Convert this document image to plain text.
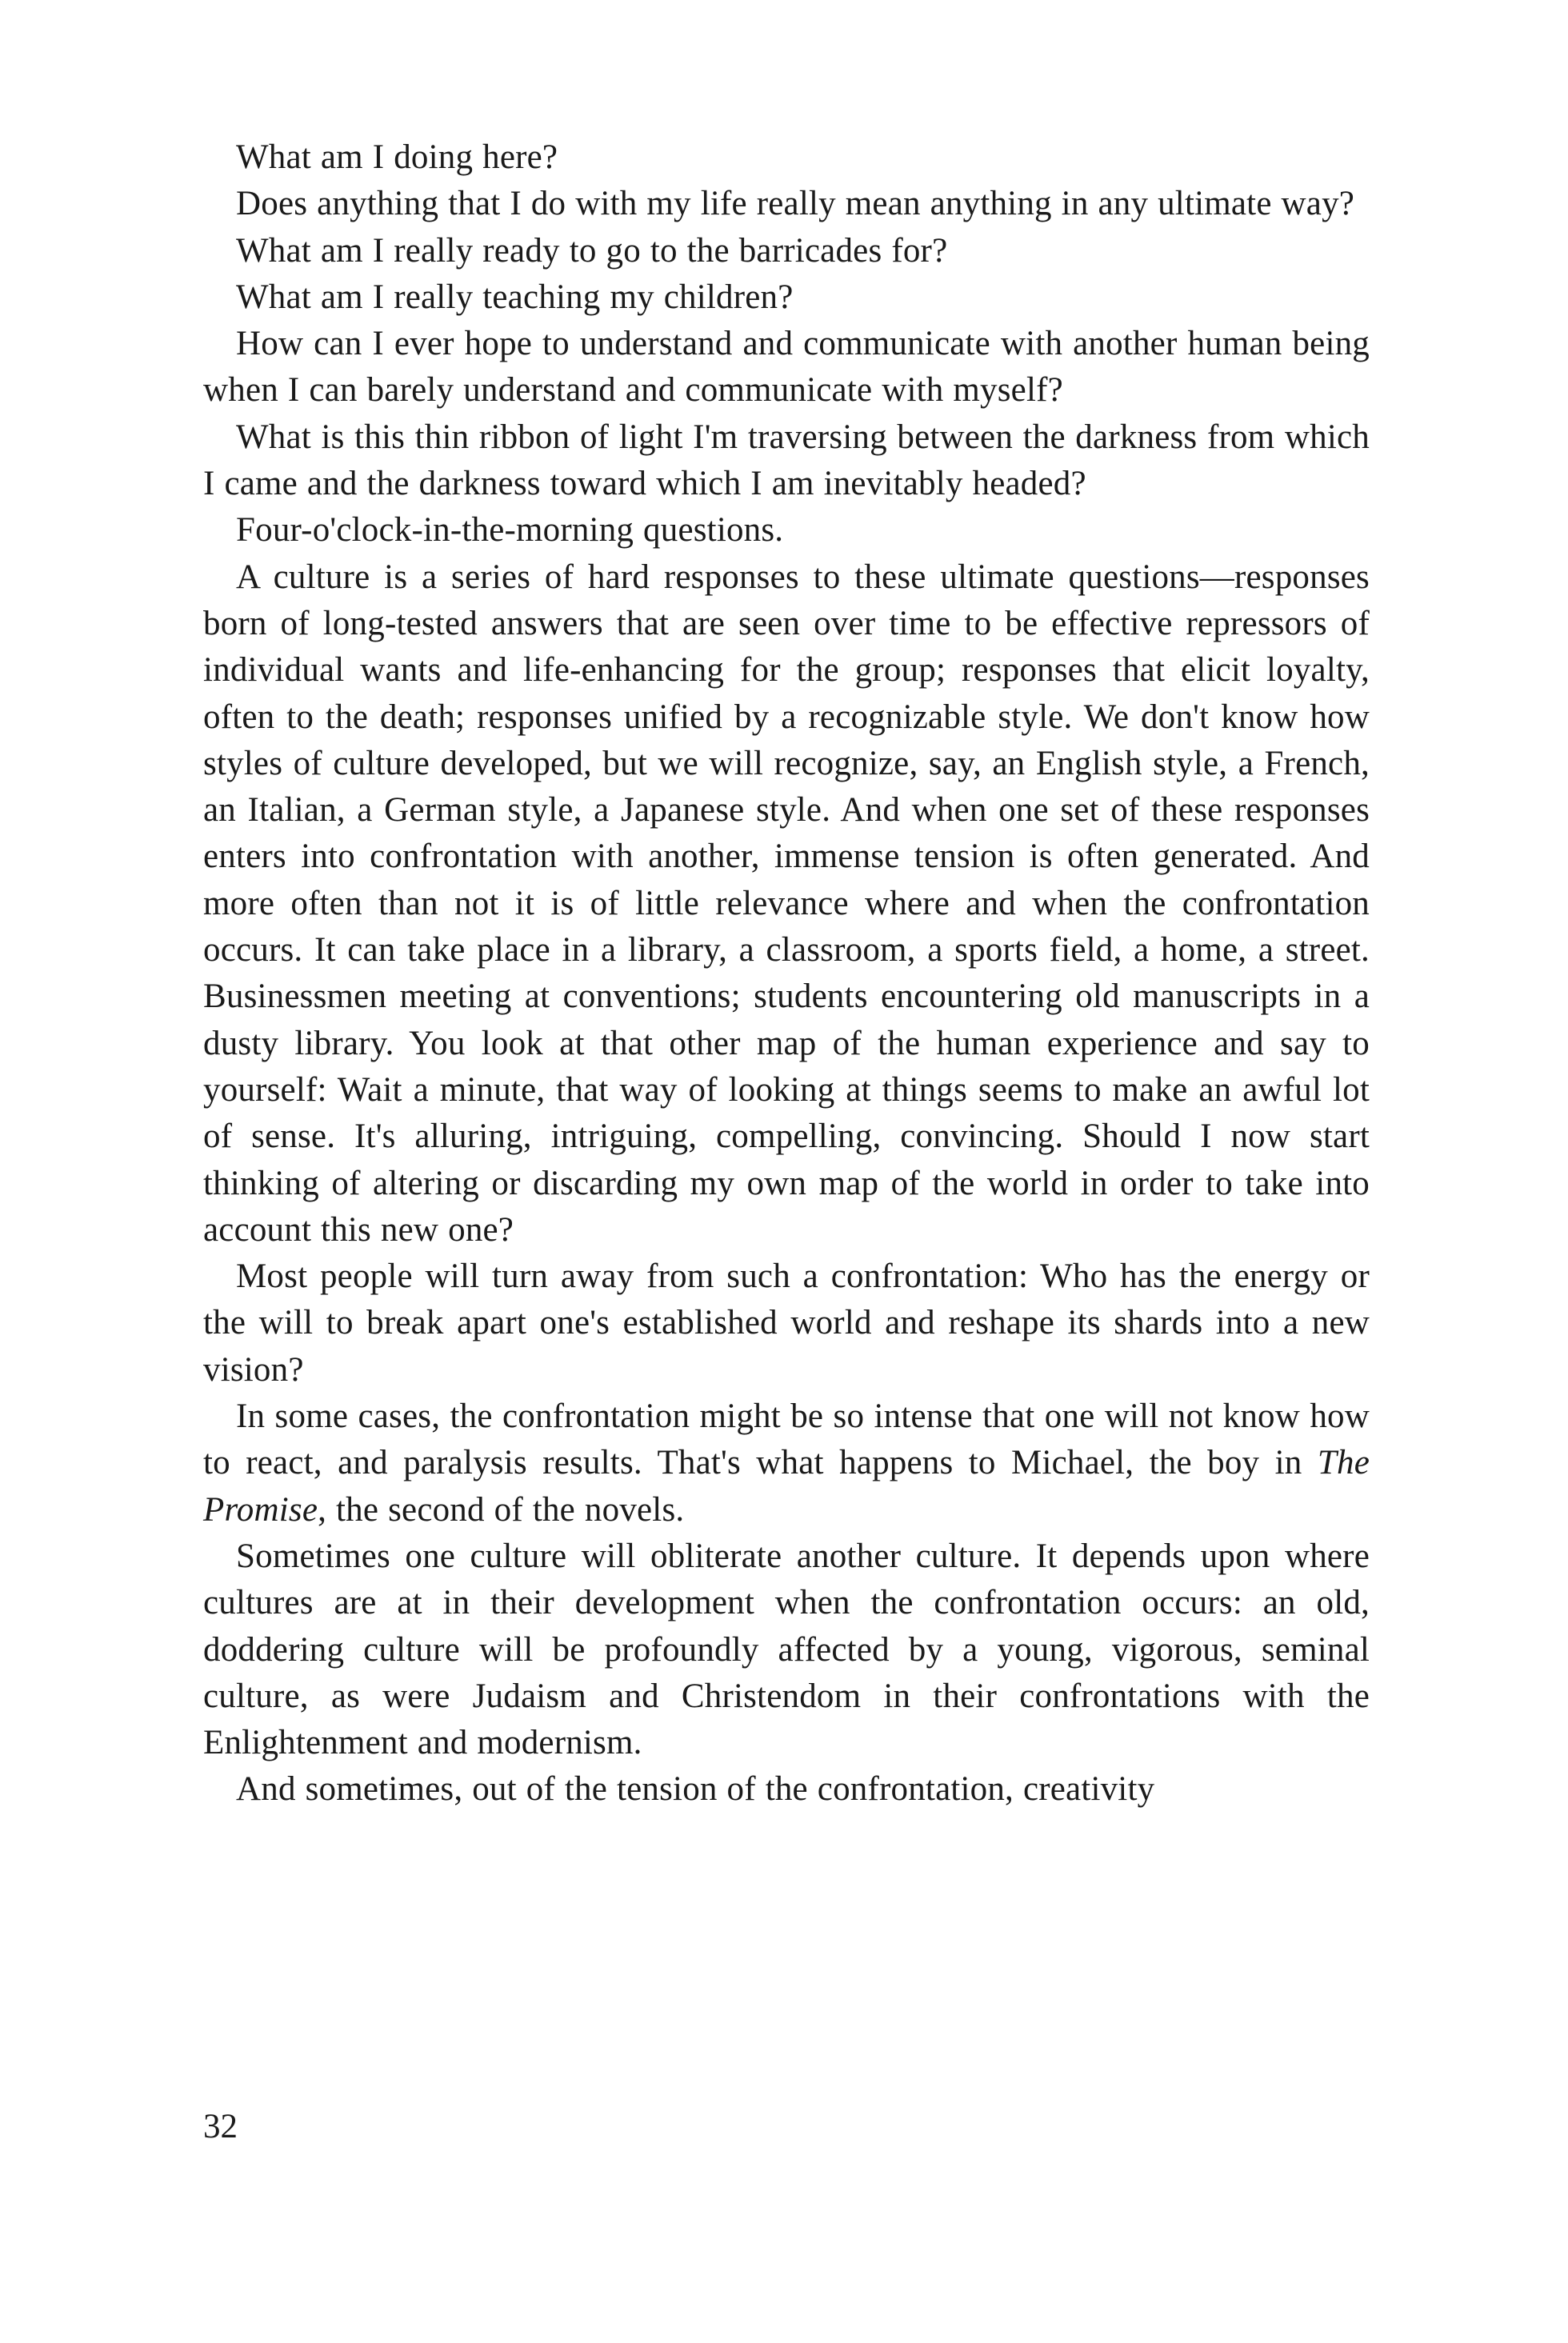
What am I doing here?

Does anything that I do with my life really mean anything in any ultimate way?

What am I really ready to go to the barricades for?

What am I really teaching my children?

How can I ever hope to understand and communicate with another human being when I can barely understand and communicate with myself?

What is this thin ribbon of light I'm traversing between the darkness from which I came and the darkness toward which I am inevitably headed?

Four-o'clock-in-the-morning questions.

A culture is a series of hard responses to these ultimate questions—responses born of long-tested answers that are seen over time to be effective repressors of individual wants and life-enhancing for the group; responses that elicit loyalty, often to the death; responses unified by a recognizable style. We don't know how styles of culture developed, but we will recognize, say, an English style, a French, an Italian, a German style, a Japanese style. And when one set of these responses enters into confrontation with another, immense tension is often generated. And more often than not it is of little relevance where and when the confrontation occurs. It can take place in a library, a classroom, a sports field, a home, a street. Businessmen meeting at conventions; students encountering old manuscripts in a dusty library. You look at that other map of the human experience and say to yourself: Wait a minute, that way of looking at things seems to make an awful lot of sense. It's alluring, intriguing, compelling, convincing. Should I now start thinking of altering or discarding my own map of the world in order to take into account this new one?

Most people will turn away from such a confrontation: Who has the energy or the will to break apart one's established world and reshape its shards into a new vision?

In some cases, the confrontation might be so intense that one will not know how to react, and paralysis results. That's what happens to Michael, the boy in The Promise, the second of the novels.

Sometimes one culture will obliterate another culture. It depends upon where cultures are at in their development when the confrontation occurs: an old, doddering culture will be profoundly affected by a young, vigorous, seminal culture, as were Judaism and Christendom in their confrontations with the Enlightenment and modernism.

And sometimes, out of the tension of the confrontation, creativity

32
